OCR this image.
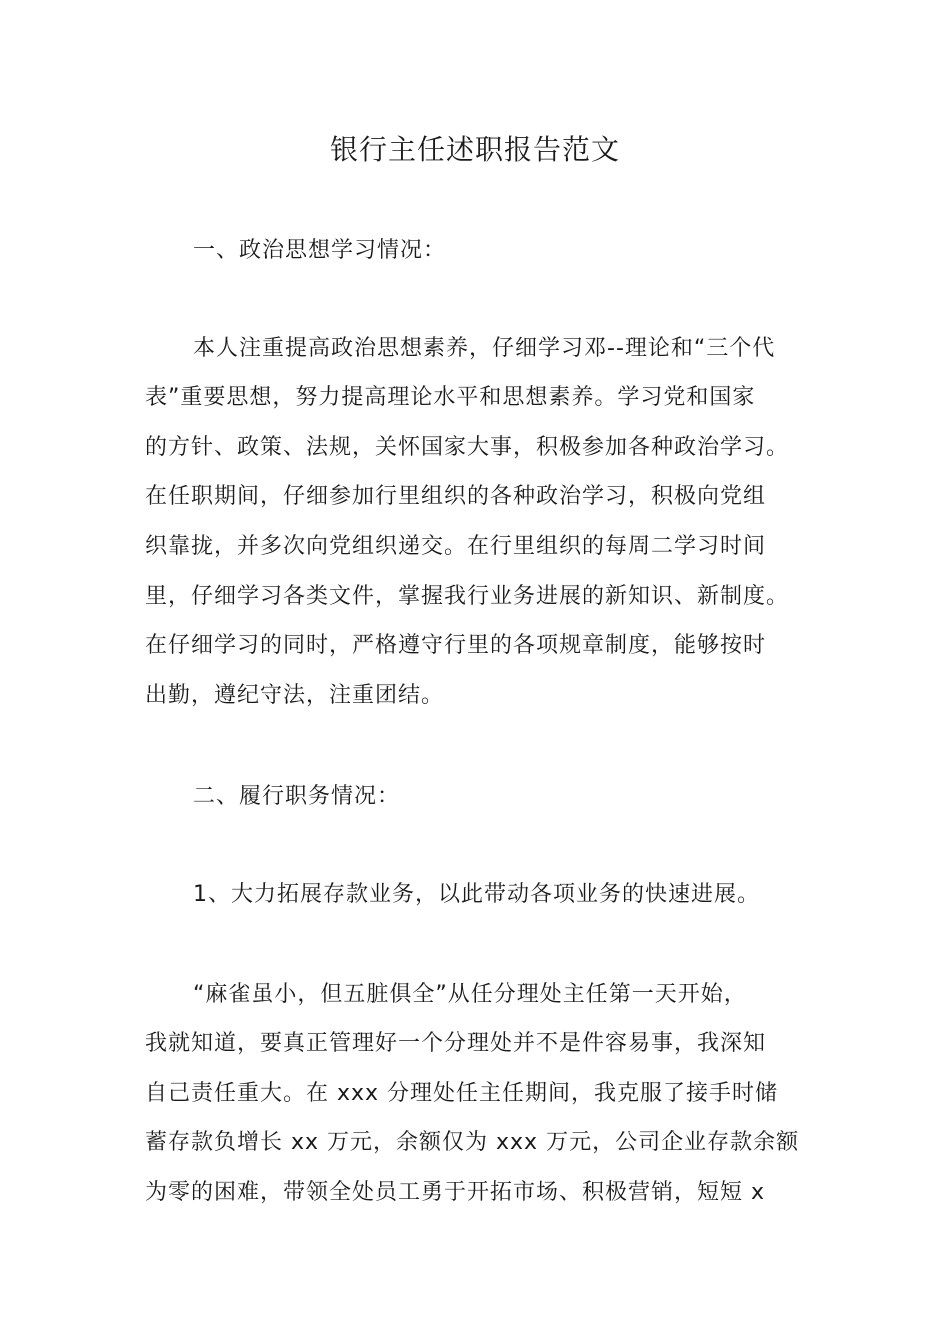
银行主任述职报告范文
一、政治思想学习情况：
本人注重提高政治思想素养，仔细学习邓--理论和“三个代
表”重要思想，努力提高理论水平和思想素养。学习党和国家
的方针、政策、法规，关怀国家大事，积极参加各种政治学习。
在任职期间，仔细参加行里组织的各种政治学习，积极向党组
织靠拢，并多次向党组织递交。在行里组织的每周二学习时间
里，仔细学习各类文件，掌握我行业务进展的新知识、新制度。
在仔细学习的同时，严格遵守行里的各项规章制度，能够按时
出勤，遵纪守法，注重团结。
二、履行职务情况：
1、大力拓展存款业务，以此带动各项业务的快速进展。
“麻雀虽小，但五脏俱全”从任分理处主任第一天开始，
我就知道，要真正管理好一个分理处并不是件容易事，我深知
自己责任重大。在 xxx 分理处任主任期间，我克服了接手时储
蓄存款负增长 xx 万元，余额仅为 xxx 万元，公司企业存款余额
为零的困难，带领全处员工勇于开拓市场、积极营销，短短 x
